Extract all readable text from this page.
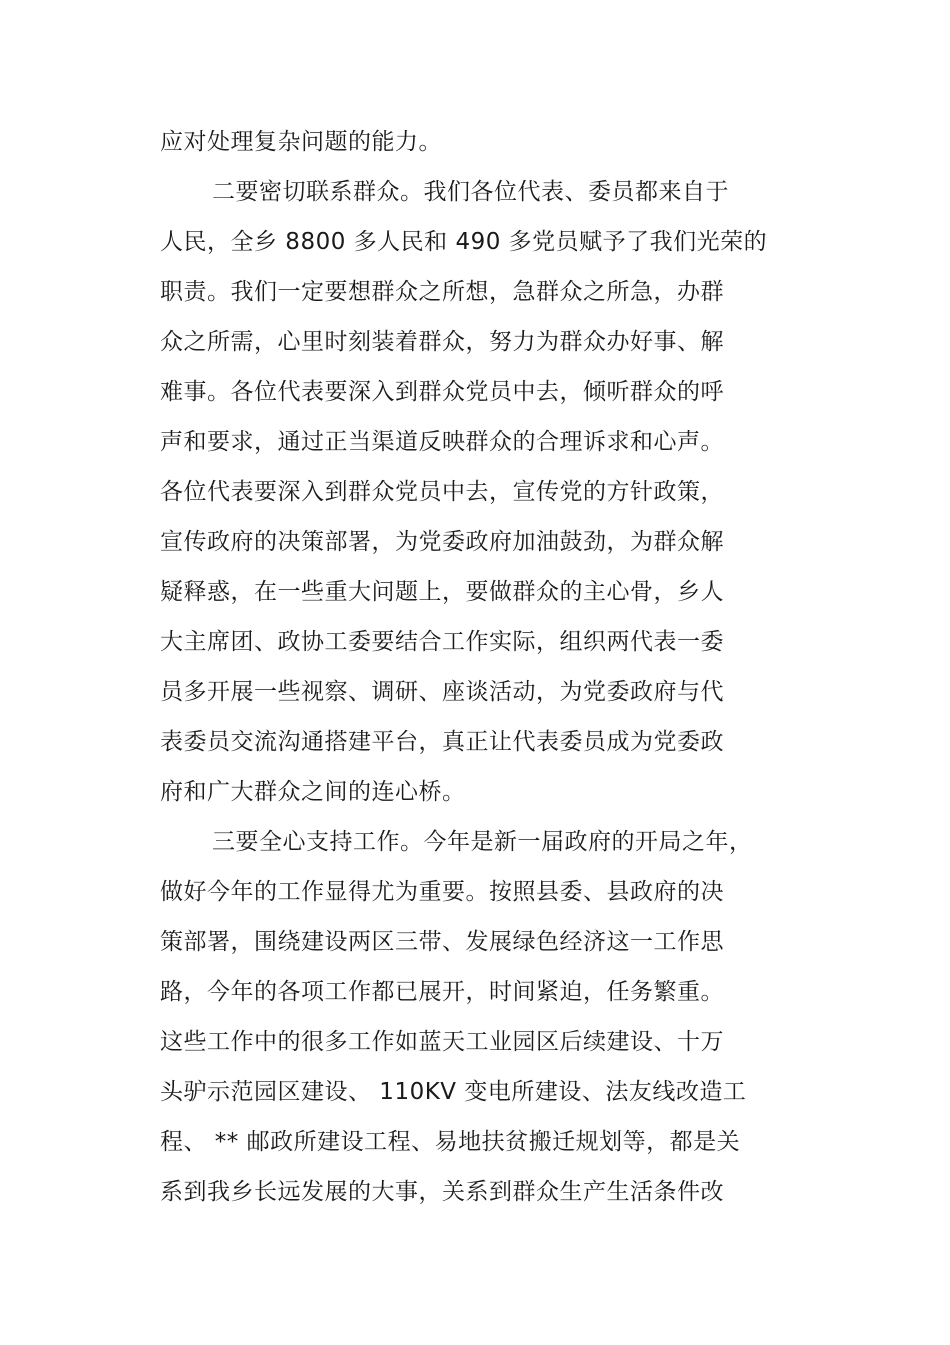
应对处理复杂问题的能力。
二要密切联系群众。我们各位代表、委员都来自于
人民，全乡 8800 多人民和 490 多党员赋予了我们光荣的
职责。我们一定要想群众之所想，急群众之所急，办群
众之所需，心里时刻装着群众，努力为群众办好事、解
难事。各位代表要深入到群众党员中去，倾听群众的呼
声和要求，通过正当渠道反映群众的合理诉求和心声。
各位代表要深入到群众党员中去，宣传党的方针政策，
宣传政府的决策部署，为党委政府加油鼓劲，为群众解
疑释惑，在一些重大问题上，要做群众的主心骨，乡人
大主席团、政协工委要结合工作实际，组织两代表一委
员多开展一些视察、调研、座谈活动，为党委政府与代
表委员交流沟通搭建平台，真正让代表委员成为党委政
府和广大群众之间的连心桥。
三要全心支持工作。今年是新一届政府的开局之年，
做好今年的工作显得尤为重要。按照县委、县政府的决
策部署，围绕建设两区三带、发展绿色经济这一工作思
路，今年的各项工作都已展开，时间紧迫，任务繁重。
这些工作中的很多工作如蓝天工业园区后续建设、十万
头驴示范园区建设、 110KV 变电所建设、法友线改造工
程、 ** 邮政所建设工程、易地扶贫搬迁规划等，都是关
系到我乡长远发展的大事，关系到群众生产生活条件改
